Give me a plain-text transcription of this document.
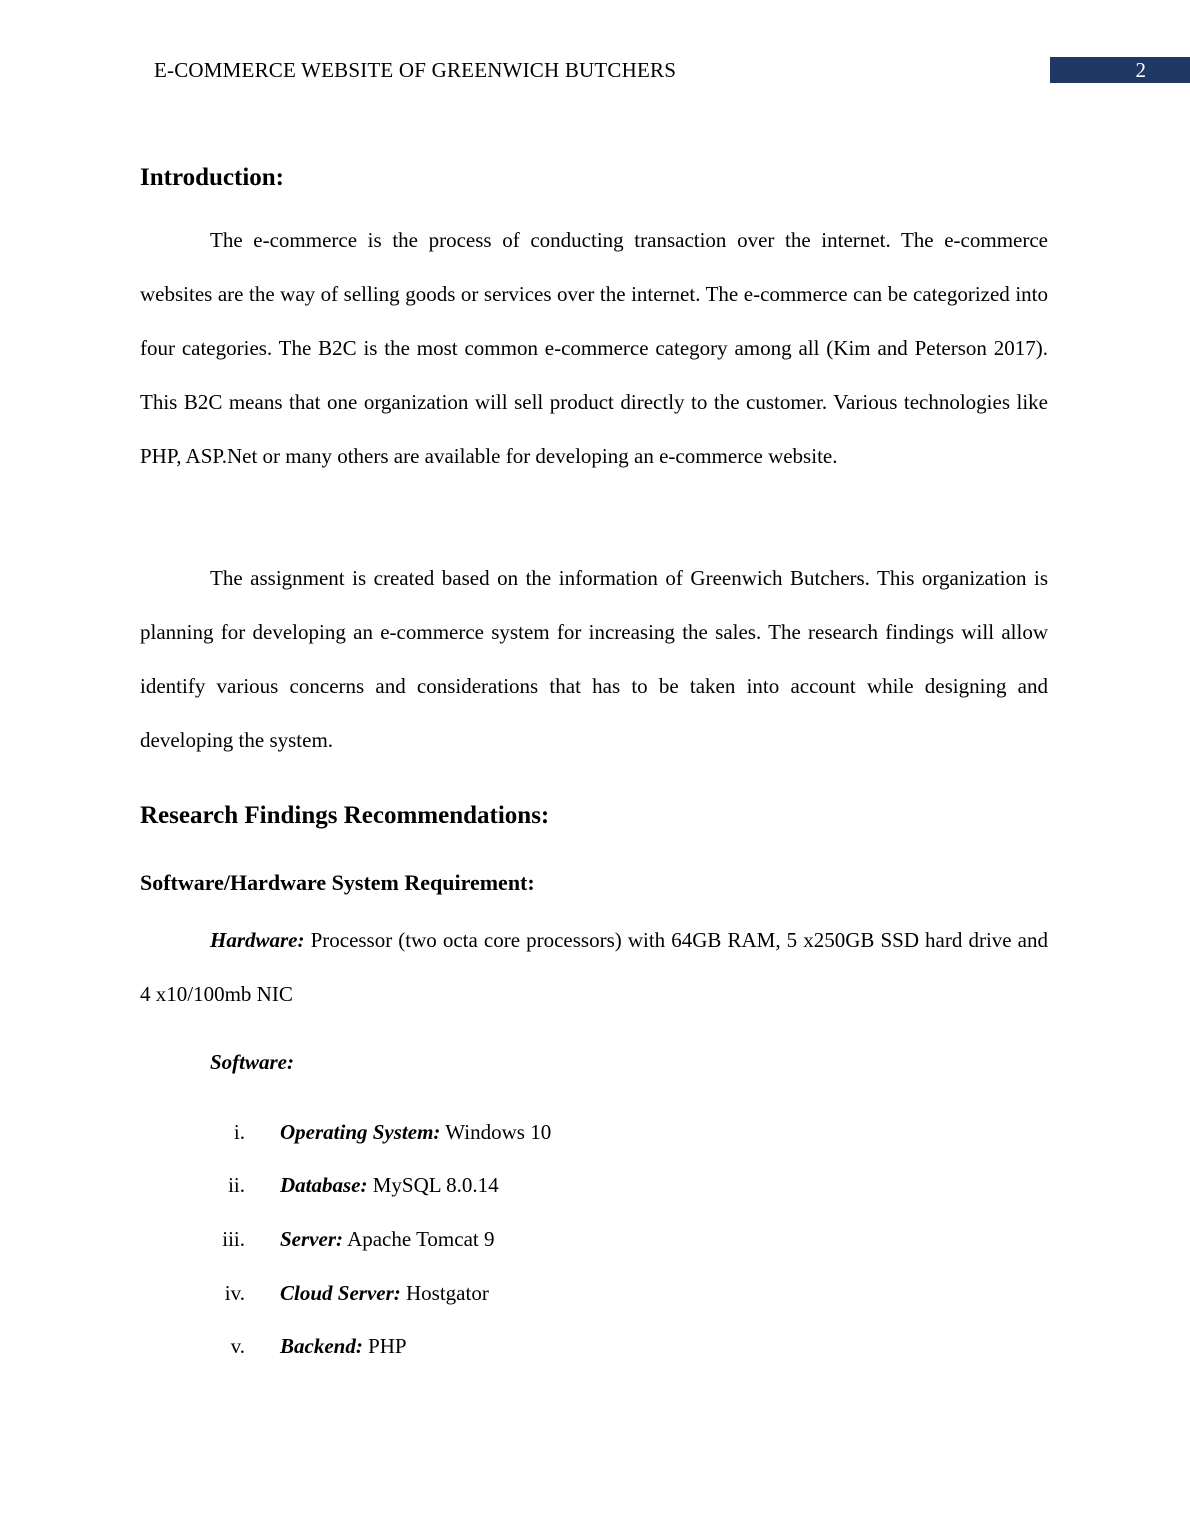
E-COMMERCE WEBSITE OF GREENWICH BUTCHERS	2
Introduction:

The e-commerce is the process of conducting transaction over the internet. The e-commerce websites are the way of selling goods or services over the internet. The e-commerce can be categorized into four categories. The B2C is the most common e-commerce category among all (Kim and Peterson 2017). This B2C means that one organization will sell product directly to the customer. Various technologies like PHP, ASP.Net or many others are available for developing an e-commerce website.

The assignment is created based on the information of Greenwich Butchers. This organization is planning for developing an e-commerce system for increasing the sales. The research findings will allow identify various concerns and considerations that has to be taken into account while designing and developing the system.

Research Findings Recommendations:
Software/Hardware System Requirement:

Hardware: Processor (two octa core processors) with 64GB RAM, 5 x250GB SSD hard drive and 4 x10/100mb NIC

Software:
i. Operating System: Windows 10
ii. Database: MySQL 8.0.14
iii. Server: Apache Tomcat 9
iv. Cloud Server: Hostgator
v. Backend: PHP
